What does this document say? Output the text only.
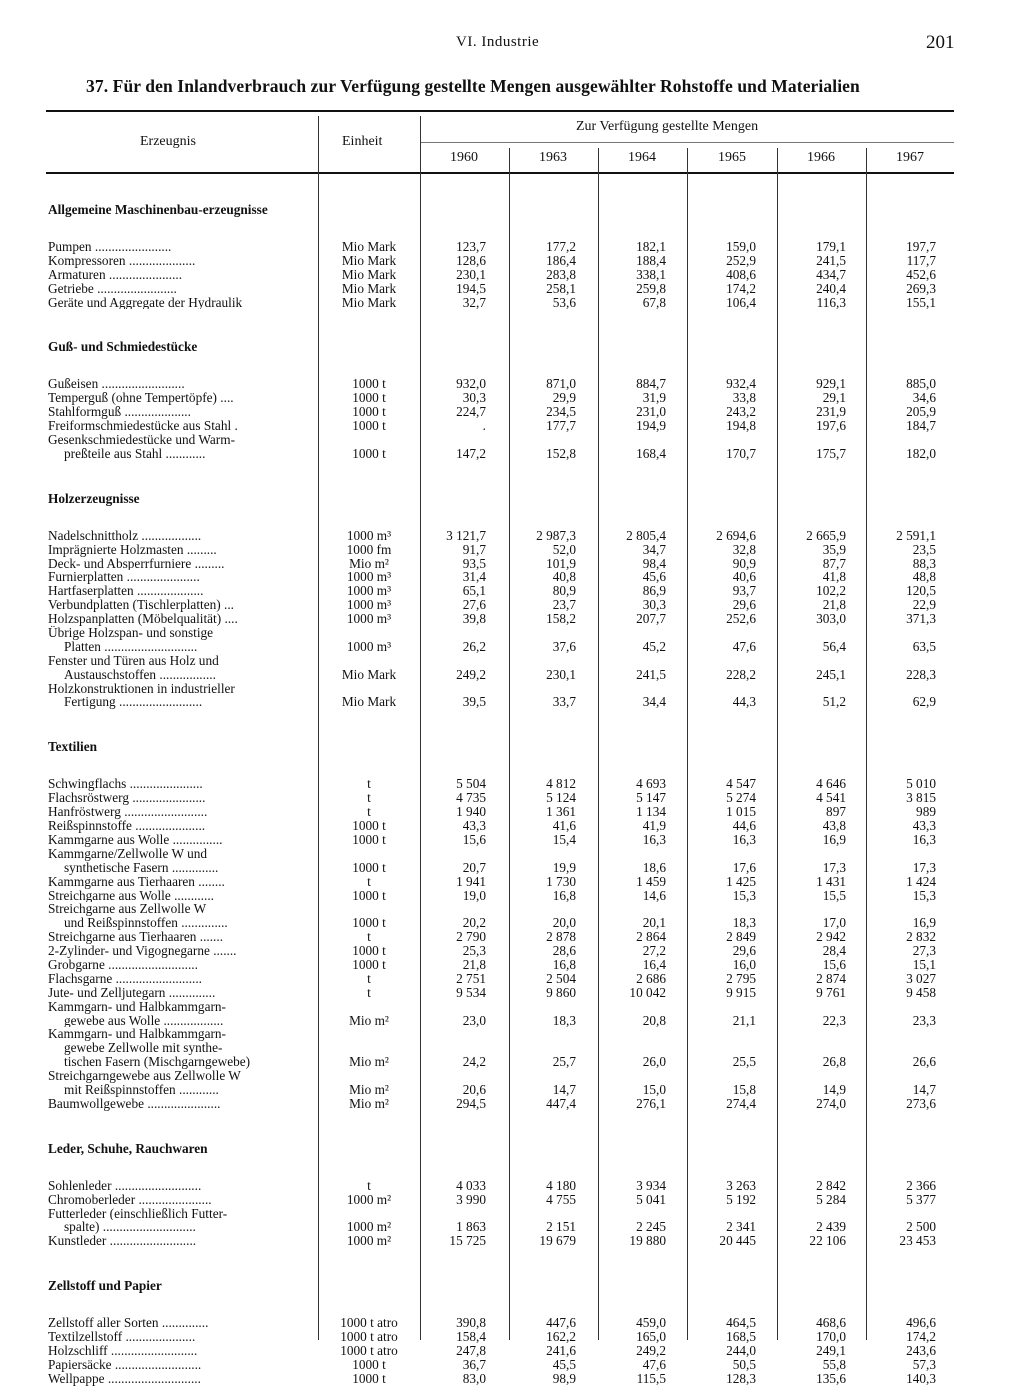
VI. Industrie	201
37. Für den Inlandverbrauch zur Verfügung gestellte Mengen ausgewählter Rohstoffe und Materialien
Erzeugnis	Einheit
Zur Verfügung gestellte Mengen
1960	1963	1964	1965	1966	1967
Allgemeine Maschinenbau-erzeugnisse
Pumpen .......................	Mio Mark	123,7	177,2	182,1	159,0	179,1	197,7
Kompressoren ....................	Mio Mark	128,6	186,4	188,4	252,9	241,5	117,7
Armaturen ......................	Mio Mark	230,1	283,8	338,1	408,6	434,7	452,6
Getriebe ........................	Mio Mark	194,5	258,1	259,8	174,2	240,4	269,3
Geräte und Aggregate der Hydraulik	Mio Mark	32,7	53,6	67,8	106,4	116,3	155,1
Guß- und Schmiedestücke
Gußeisen .........................	1000 t	932,0	871,0	884,7	932,4	929,1	885,0
Temperguß (ohne Tempertöpfe) ....	1000 t	30,3	29,9	31,9	33,8	29,1	34,6
Stahlformguß ....................	1000 t	224,7	234,5	231,0	243,2	231,9	205,9
Freiformschmiedestücke aus Stahl .	1000 t	.	177,7	194,9	194,8	197,6	184,7
Gesenkschmiedestücke und Warm-
preßteile aus Stahl ............	1000 t	147,2	152,8	168,4	170,7	175,7	182,0
Holzerzeugnisse
Nadelschnittholz ..................	1000 m³	3 121,7	2 987,3	2 805,4	2 694,6	2 665,9	2 591,1
Imprägnierte Holzmasten .........	1000 fm	91,7	52,0	34,7	32,8	35,9	23,5
Deck- und Absperrfurniere .........	Mio m²	93,5	101,9	98,4	90,9	87,7	88,3
Furnierplatten ......................	1000 m³	31,4	40,8	45,6	40,6	41,8	48,8
Hartfaserplatten ....................	1000 m³	65,1	80,9	86,9	93,7	102,2	120,5
Verbundplatten (Tischlerplatten) ...	1000 m³	27,6	23,7	30,3	29,6	21,8	22,9
Holzspanplatten (Möbelqualität) ....	1000 m³	39,8	158,2	207,7	252,6	303,0	371,3
Übrige Holzspan- und sonstige
Platten ............................	1000 m³	26,2	37,6	45,2	47,6	56,4	63,5
Fenster und Türen aus Holz und
Austauschstoffen .................	Mio Mark	249,2	230,1	241,5	228,2	245,1	228,3
Holzkonstruktionen in industrieller
Fertigung .........................	Mio Mark	39,5	33,7	34,4	44,3	51,2	62,9
Textilien
Schwingflachs ......................	t	5 504	4 812	4 693	4 547	4 646	5 010
Flachsröstwerg ......................	t	4 735	5 124	5 147	5 274	4 541	3 815
Hanfröstwerg .........................	t	1 940	1 361	1 134	1 015	897	989
Reißspinnstoffe .....................	1000 t	43,3	41,6	41,9	44,6	43,8	43,3
Kammgarne aus Wolle ...............	1000 t	15,6	15,4	16,3	16,3	16,9	16,3
Kammgarne/Zellwolle W und
synthetische Fasern ..............	1000 t	20,7	19,9	18,6	17,6	17,3	17,3
Kammgarne aus Tierhaaren ........	t	1 941	1 730	1 459	1 425	1 431	1 424
Streichgarne aus Wolle ............	1000 t	19,0	16,8	14,6	15,3	15,5	15,3
Streichgarne aus Zellwolle W
und Reißspinnstoffen ..............	1000 t	20,2	20,0	20,1	18,3	17,0	16,9
Streichgarne aus Tierhaaren .......	t	2 790	2 878	2 864	2 849	2 942	2 832
2-Zylinder- und Vigognegarne .......	1000 t	25,3	28,6	27,2	29,6	28,4	27,3
Grobgarne ...........................	1000 t	21,8	16,8	16,4	16,0	15,6	15,1
Flachsgarne ..........................	t	2 751	2 504	2 686	2 795	2 874	3 027
Jute- und Zelljutegarn ..............	t	9 534	9 860	10 042	9 915	9 761	9 458
Kammgarn- und Halbkammgarn-
gewebe aus Wolle ..................	Mio m²	23,0	18,3	20,8	21,1	22,3	23,3
Kammgarn- und Halbkammgarn-
gewebe Zellwolle mit synthe-
tischen Fasern (Mischgarngewebe)	Mio m²	24,2	25,7	26,0	25,5	26,8	26,6
Streichgarngewebe aus Zellwolle W
mit Reißspinnstoffen ............	Mio m²	20,6	14,7	15,0	15,8	14,9	14,7
Baumwollgewebe ......................	Mio m²	294,5	447,4	276,1	274,4	274,0	273,6
Leder, Schuhe, Rauchwaren
Sohlenleder ..........................	t	4 033	4 180	3 934	3 263	2 842	2 366
Chromoberleder ......................	1000 m²	3 990	4 755	5 041	5 192	5 284	5 377
Futterleder (einschließlich Futter-
spalte) ............................	1000 m²	1 863	2 151	2 245	2 341	2 439	2 500
Kunstleder ..........................	1000 m²	15 725	19 679	19 880	20 445	22 106	23 453
Zellstoff und Papier
Zellstoff aller Sorten ..............	1000 t atro	390,8	447,6	459,0	464,5	468,6	496,6
Textilzellstoff .....................	1000 t atro	158,4	162,2	165,0	168,5	170,0	174,2
Holzschliff ..........................	1000 t atro	247,8	241,6	249,2	244,0	249,1	243,6
Papiersäcke ..........................	1000 t	36,7	45,5	47,6	50,5	55,8	57,3
Wellpappe ............................	1000 t	83,0	98,9	115,5	128,3	135,6	140,3
